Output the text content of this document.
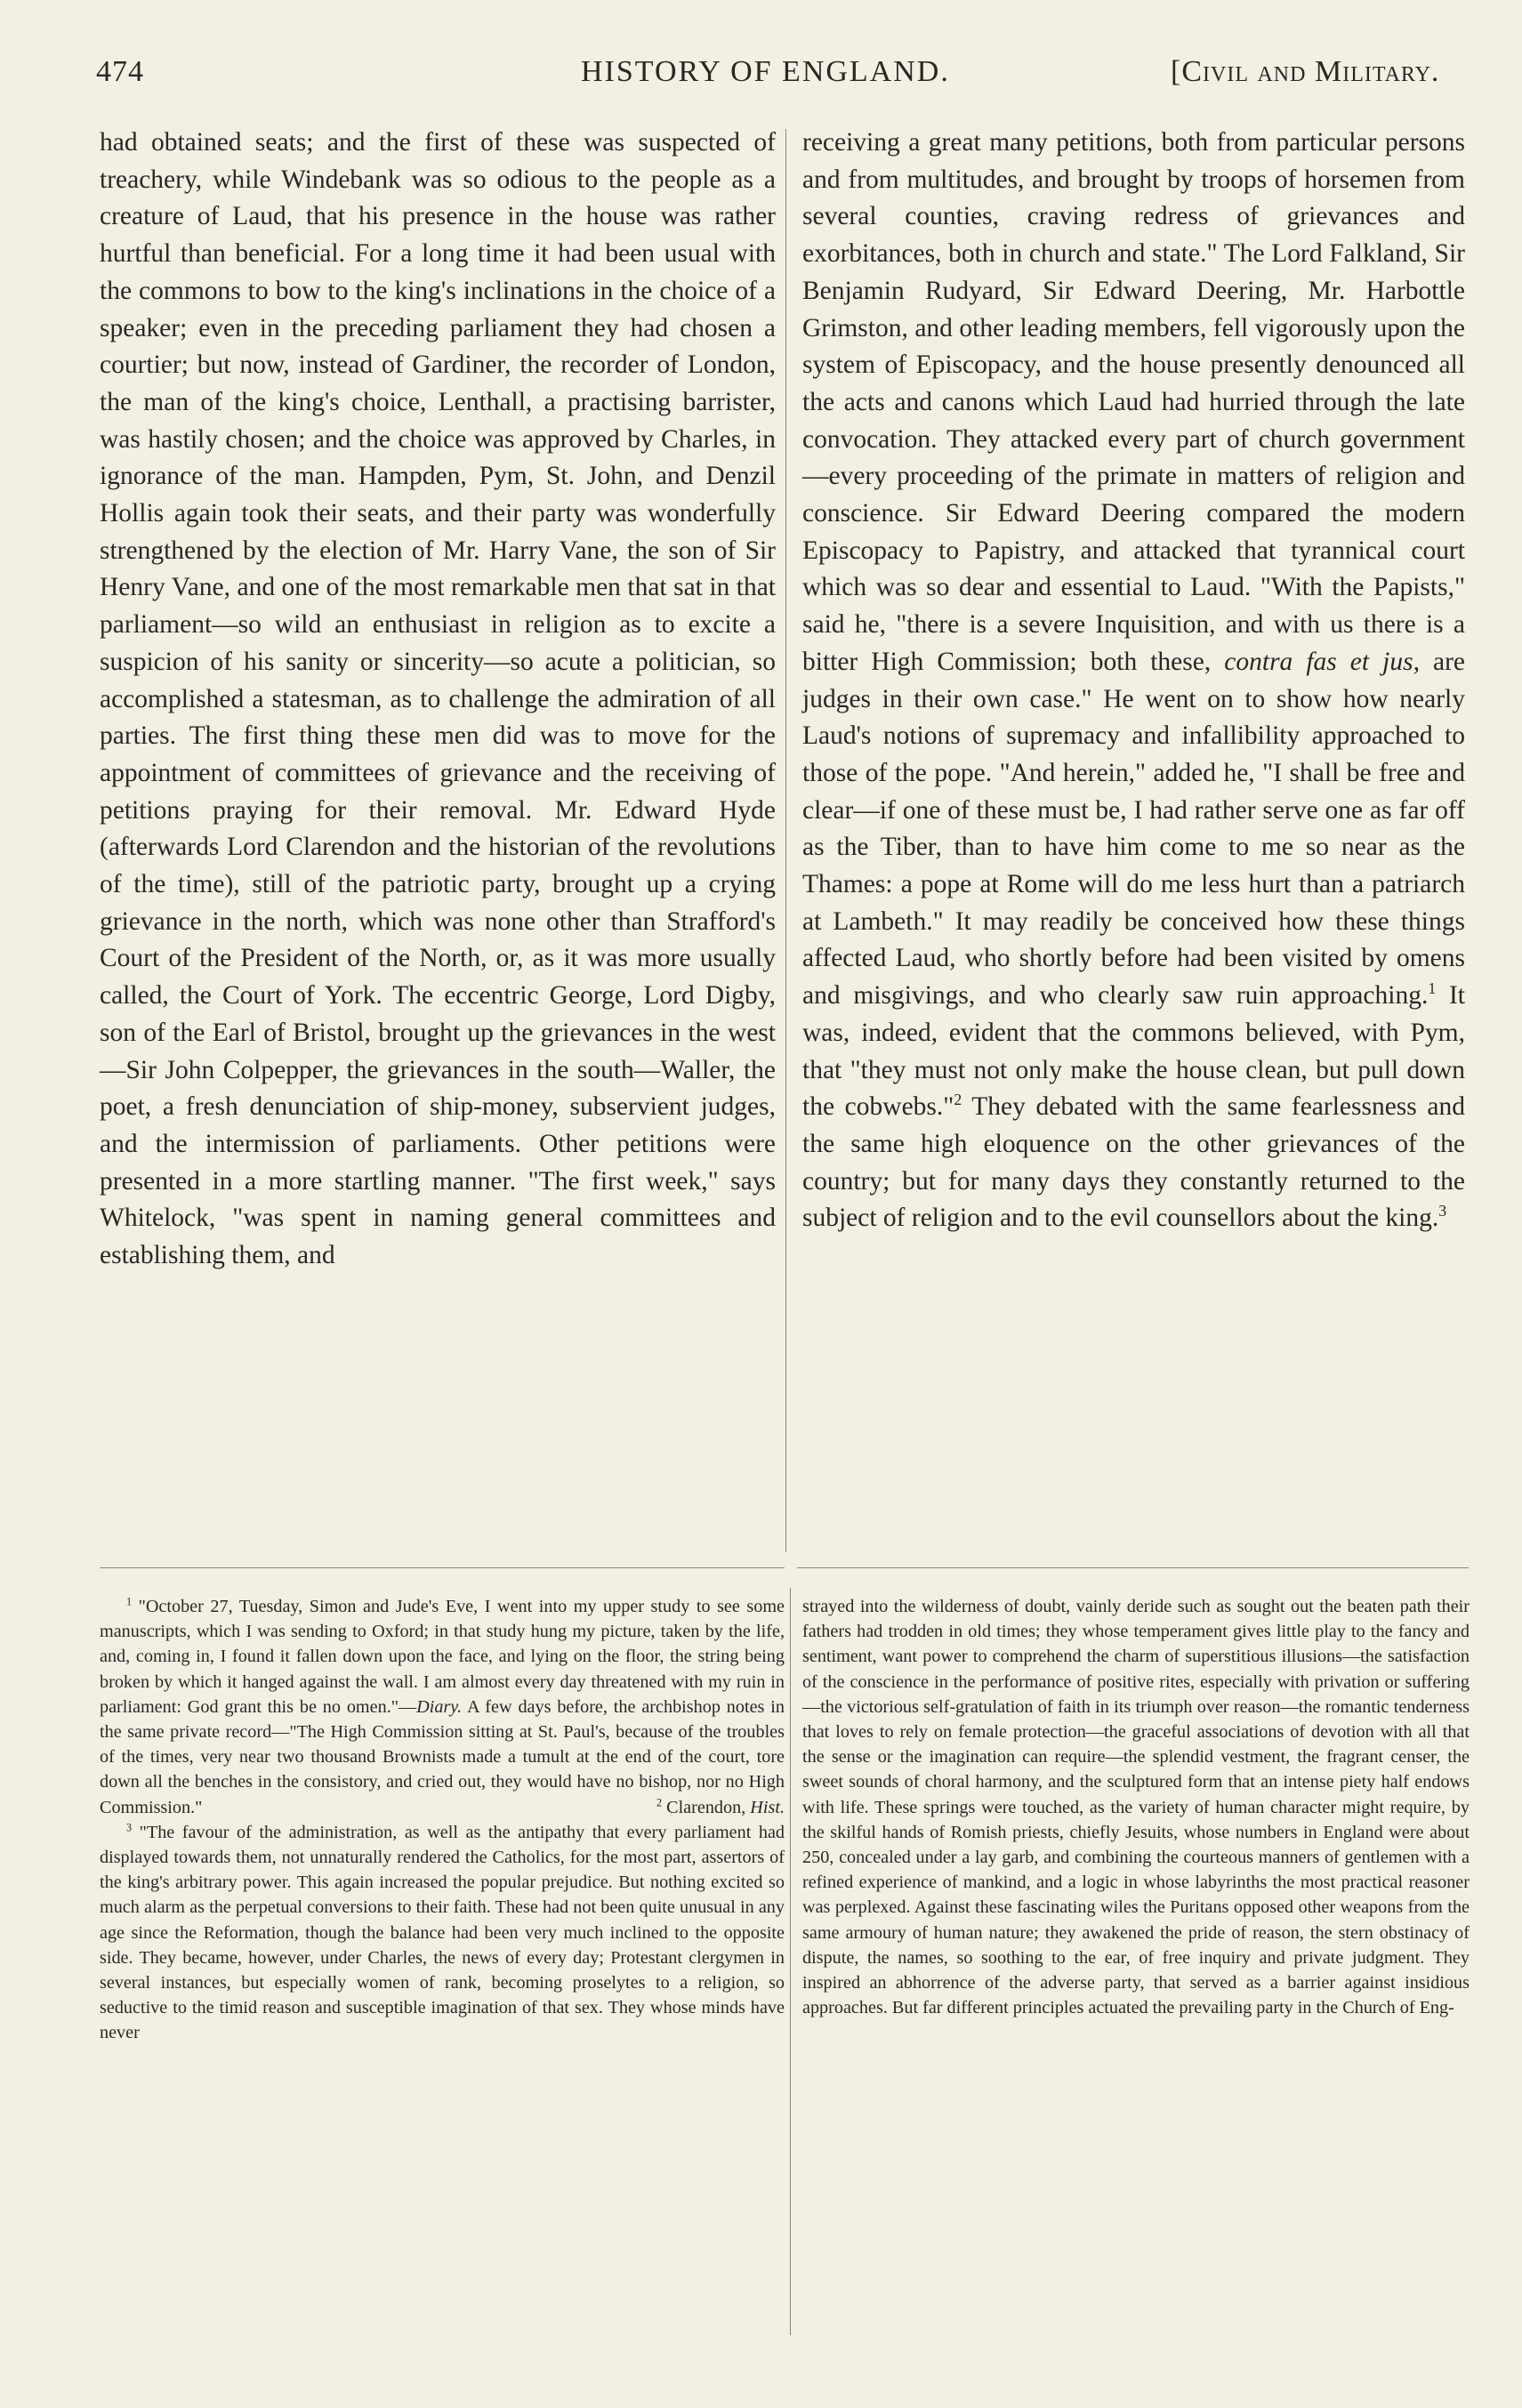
474	HISTORY OF ENGLAND.	[Civil and Military.

had obtained seats; and the first of these was suspected of treachery, while Windebank was so odious to the people as a creature of Laud, that his presence in the house was rather hurtful than beneficial. For a long time it had been usual with the commons to bow to the king's inclinations in the choice of a speaker; even in the preceding parliament they had chosen a courtier; but now, instead of Gardiner, the recorder of London, the man of the king's choice, Lenthall, a practising barrister, was hastily chosen; and the choice was approved by Charles, in ignorance of the man. Hampden, Pym, St. John, and Denzil Hollis again took their seats, and their party was wonderfully strengthened by the election of Mr. Harry Vane, the son of Sir Henry Vane, and one of the most remarkable men that sat in that parliament—so wild an enthusiast in religion as to excite a suspicion of his sanity or sincerity—so acute a politician, so accomplished a statesman, as to challenge the admiration of all parties. The first thing these men did was to move for the appointment of committees of grievance and the receiving of petitions praying for their removal. Mr. Edward Hyde (afterwards Lord Clarendon and the historian of the revolutions of the time), still of the patriotic party, brought up a crying grievance in the north, which was none other than Strafford's Court of the President of the North, or, as it was more usually called, the Court of York. The eccentric George, Lord Digby, son of the Earl of Bristol, brought up the grievances in the west—Sir John Colpepper, the grievances in the south—Waller, the poet, a fresh denunciation of ship-money, subservient judges, and the intermission of parliaments. Other petitions were presented in a more startling manner. "The first week," says Whitelock, "was spent in naming general committees and establishing them, and

receiving a great many petitions, both from particular persons and from multitudes, and brought by troops of horsemen from several counties, craving redress of grievances and exorbitances, both in church and state." The Lord Falkland, Sir Benjamin Rudyard, Sir Edward Deering, Mr. Harbottle Grimston, and other leading members, fell vigorously upon the system of Episcopacy, and the house presently denounced all the acts and canons which Laud had hurried through the late convocation. They attacked every part of church government—every proceeding of the primate in matters of religion and conscience. Sir Edward Deering compared the modern Episcopacy to Papistry, and attacked that tyrannical court which was so dear and essential to Laud. "With the Papists," said he, "there is a severe Inquisition, and with us there is a bitter High Commission; both these, contra fas et jus, are judges in their own case." He went on to show how nearly Laud's notions of supremacy and infallibility approached to those of the pope. "And herein," added he, "I shall be free and clear—if one of these must be, I had rather serve one as far off as the Tiber, than to have him come to me so near as the Thames: a pope at Rome will do me less hurt than a patriarch at Lambeth." It may readily be conceived how these things affected Laud, who shortly before had been visited by omens and misgivings, and who clearly saw ruin approaching.$^1$ It was, indeed, evident that the commons believed, with Pym, that "they must not only make the house clean, but pull down the cobwebs."$^2$ They debated with the same fearlessness and the same high eloquence on the other grievances of the country; but for many days they constantly returned to the subject of religion and to the evil counsellors about the king.$^3$

$^1$ "October 27, Tuesday, Simon and Jude's Eve, I went into my upper study to see some manuscripts, which I was sending to Oxford; in that study hung my picture, taken by the life, and, coming in, I found it fallen down upon the face, and lying on the floor, the string being broken by which it hanged against the wall. I am almost every day threatened with my ruin in parliament: God grant this be no omen."—Diary. A few days before, the archbishop notes in the same private record—"The High Commission sitting at St. Paul's, because of the troubles of the times, very near two thousand Brownists made a tumult at the end of the court, tore down all the benches in the consistory, and cried out, they would have no bishop, nor no High Commission."	$^2$ Clarendon, Hist.

$^3$ "The favour of the administration, as well as the antipathy that every parliament had displayed towards them, not unnaturally rendered the Catholics, for the most part, assertors of the king's arbitrary power. This again increased the popular prejudice. But nothing excited so much alarm as the perpetual conversions to their faith. These had not been quite unusual in any age since the Reformation, though the balance had been very much inclined to the opposite side. They became, however, under Charles, the news of every day; Protestant clergymen in several instances, but especially women of rank, becoming proselytes to a religion, so seductive to the timid reason and susceptible imagination of that sex. They whose minds have never

strayed into the wilderness of doubt, vainly deride such as sought out the beaten path their fathers had trodden in old times; they whose temperament gives little play to the fancy and sentiment, want power to comprehend the charm of superstitious illusions—the satisfaction of the conscience in the performance of positive rites, especially with privation or suffering—the victorious self-gratulation of faith in its triumph over reason—the romantic tenderness that loves to rely on female protection—the graceful associations of devotion with all that the sense or the imagination can require—the splendid vestment, the fragrant censer, the sweet sounds of choral harmony, and the sculptured form that an intense piety half endows with life. These springs were touched, as the variety of human character might require, by the skilful hands of Romish priests, chiefly Jesuits, whose numbers in England were about 250, concealed under a lay garb, and combining the courteous manners of gentlemen with a refined experience of mankind, and a logic in whose labyrinths the most practical reasoner was perplexed. Against these fascinating wiles the Puritans opposed other weapons from the same armoury of human nature; they awakened the pride of reason, the stern obstinacy of dispute, the names, so soothing to the ear, of free inquiry and private judgment. They inspired an abhorrence of the adverse party, that served as a barrier against insidious approaches. But far different principles actuated the prevailing party in the Church of Eng-
